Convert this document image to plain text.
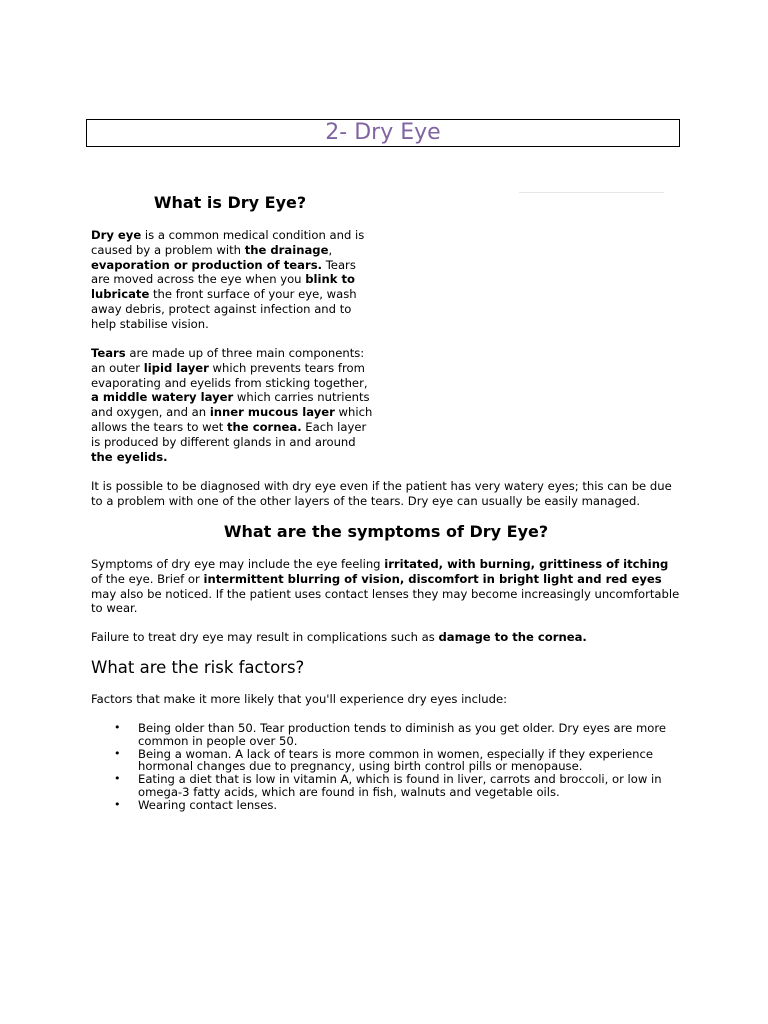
2- Dry Eye
What is Dry Eye?
Dry eye is a common medical condition and is caused by a problem with the drainage, evaporation or production of tears. Tears are moved across the eye when you blink to lubricate the front surface of your eye, wash away debris, protect against infection and to help stabilise vision.
Tears are made up of three main components: an outer lipid layer which prevents tears from evaporating and eyelids from sticking together, a middle watery layer which carries nutrients and oxygen, and an inner mucous layer which allows the tears to wet the cornea. Each layer is produced by different glands in and around the eyelids.
It is possible to be diagnosed with dry eye even if the patient has very watery eyes; this can be due to a problem with one of the other layers of the tears. Dry eye can usually be easily managed.
What are the symptoms of Dry Eye?
Symptoms of dry eye may include the eye feeling irritated, with burning, grittiness of itching of the eye. Brief or intermittent blurring of vision, discomfort in bright light and red eyes may also be noticed. If the patient uses contact lenses they may become increasingly uncomfortable to wear.
Failure to treat dry eye may result in complications such as damage to the cornea.
What are the risk factors?
Factors that make it more likely that you'll experience dry eyes include:
• Being older than 50. Tear production tends to diminish as you get older. Dry eyes are more common in people over 50.
• Being a woman. A lack of tears is more common in women, especially if they experience hormonal changes due to pregnancy, using birth control pills or menopause.
• Eating a diet that is low in vitamin A, which is found in liver, carrots and broccoli, or low in omega-3 fatty acids, which are found in fish, walnuts and vegetable oils.
• Wearing contact lenses.
